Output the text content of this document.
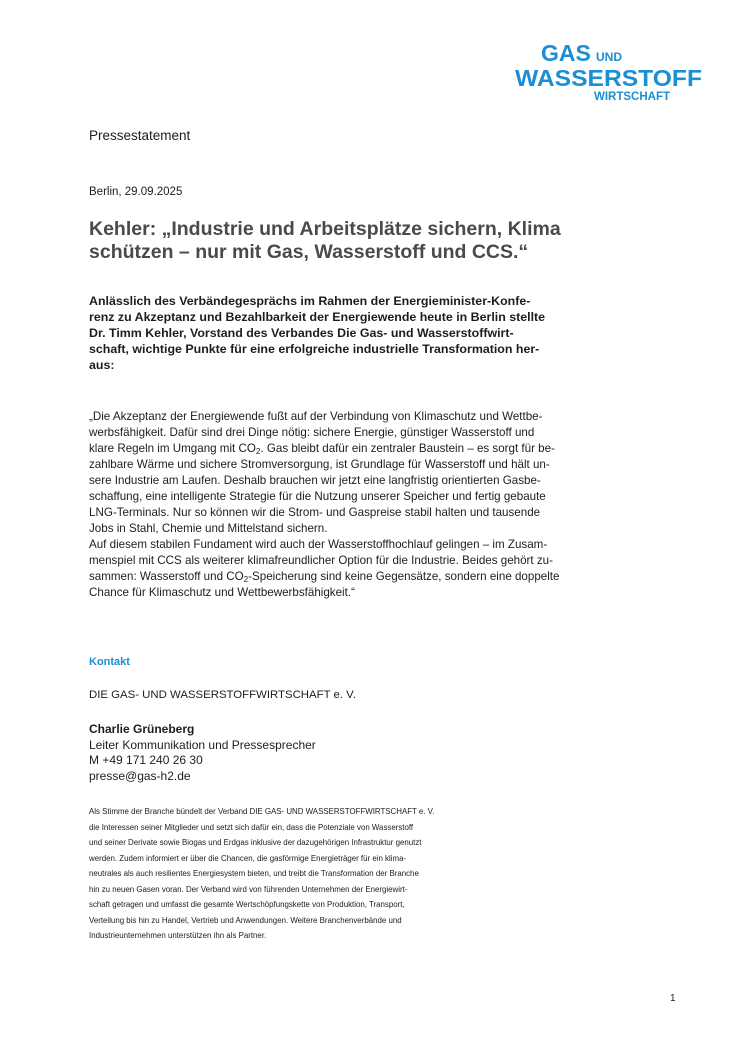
GAS UND
WASSERSTOFF
WIRTSCHAFT
Pressestatement
Berlin, 29.09.2025
Kehler: „Industrie und Arbeitsplätze sichern, Klima schützen – nur mit Gas, Wasserstoff und CCS.“

Anlässlich des Verbändegesprächs im Rahmen der Energieminister-Konfe-
renz zu Akzeptanz und Bezahlbarkeit der Energiewende heute in Berlin stellte
Dr. Timm Kehler, Vorstand des Verbandes Die Gas- und Wasserstoffwirt-
schaft, wichtige Punkte für eine erfolgreiche industrielle Transformation her-
aus:

„Die Akzeptanz der Energiewende fußt auf der Verbindung von Klimaschutz und Wettbe-
werbsfähigkeit. Dafür sind drei Dinge nötig: sichere Energie, günstiger Wasserstoff und
klare Regeln im Umgang mit $CO_2$. Gas bleibt dafür ein zentraler Baustein – es sorgt für be-
zahlbare Wärme und sichere Stromversorgung, ist Grundlage für Wasserstoff und hält un-
sere Industrie am Laufen. Deshalb brauchen wir jetzt eine langfristig orientierten Gasbe-
schaffung, eine intelligente Strategie für die Nutzung unserer Speicher und fertig gebaute
LNG-Terminals. Nur so können wir die Strom- und Gaspreise stabil halten und tausende
Jobs in Stahl, Chemie und Mittelstand sichern.
Auf diesem stabilen Fundament wird auch der Wasserstoffhochlauf gelingen – im Zusam-
menspiel mit CCS als weiterer klimafreundlicher Option für die Industrie. Beides gehört zu-
sammen: Wasserstoff und $CO_2$-Speicherung sind keine Gegensätze, sondern eine doppelte
Chance für Klimaschutz und Wettbewerbsfähigkeit.“

Kontakt
DIE GAS- UND WASSERSTOFFWIRTSCHAFT e. V.
Charlie Grüneberg
Leiter Kommunikation und Pressesprecher
M +49 171 240 26 30
presse@gas-h2.de

Als Stimme der Branche bündelt der Verband DIE GAS- UND WASSERSTOFFWIRTSCHAFT e. V.
die Interessen seiner Mitglieder und setzt sich dafür ein, dass die Potenziale von Wasserstoff
und seiner Derivate sowie Biogas und Erdgas inklusive der dazugehörigen Infrastruktur genutzt
werden. Zudem informiert er über die Chancen, die gasförmige Energieträger für ein klima-
neutrales als auch resilientes Energiesystem bieten, und treibt die Transformation der Branche
hin zu neuen Gasen voran. Der Verband wird von führenden Unternehmen der Energiewirt-
schaft getragen und umfasst die gesamte Wertschöpfungskette von Produktion, Transport,
Verteilung bis hin zu Handel, Vertrieb und Anwendungen. Weitere Branchenverbände und
Industrieunternehmen unterstützen ihn als Partner.

1
